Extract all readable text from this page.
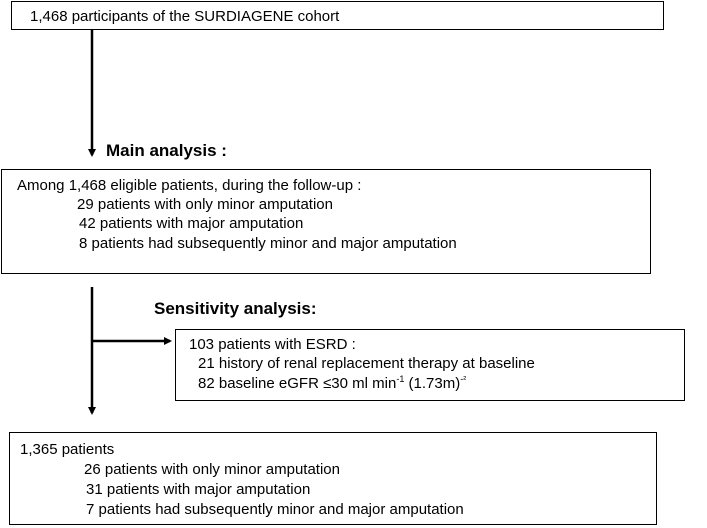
1,468 participants of the SURDIAGENE cohort
Main analysis :
Among 1,468 eligible patients, during the follow-up :
29 patients with only minor amputation
42 patients with major amputation
8 patients had subsequently minor and major amputation
Sensitivity analysis:
103 patients with ESRD :
21 history of renal replacement therapy at baseline
82 baseline eGFR ≤30 ml $\min^{-1} (1.73m)^{-^2}$
1,365 patients
26 patients with only minor amputation
31 patients with major amputation
7 patients had subsequently minor and major amputation
